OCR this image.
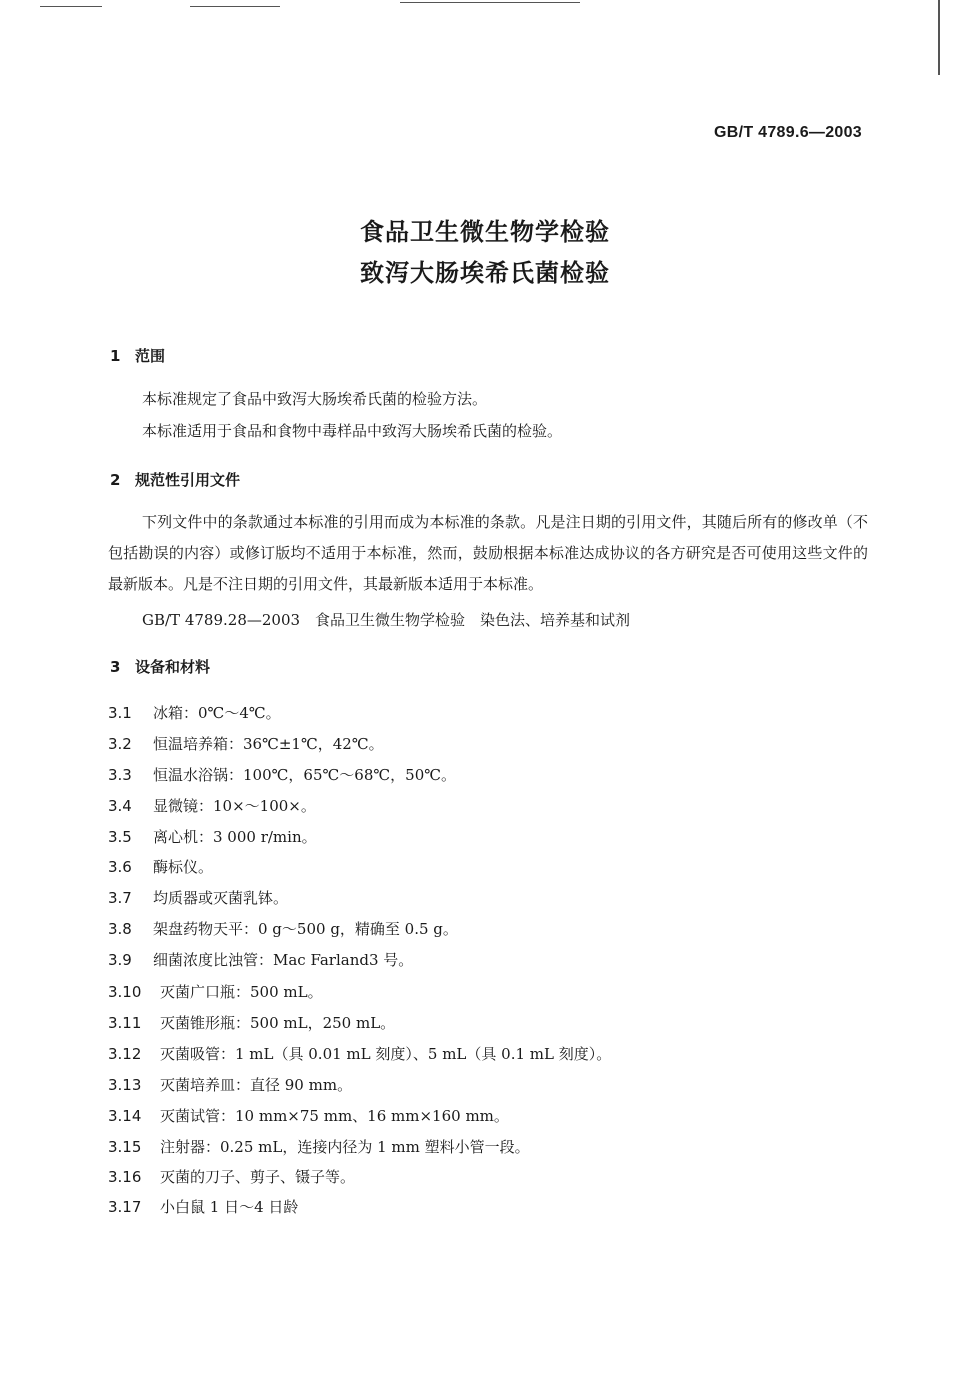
GB/T 4789.6—2003
食品卫生微生物学检验
致泻大肠埃希氏菌检验
1 范围
本标准规定了食品中致泻大肠埃希氏菌的检验方法。
本标准适用于食品和食物中毒样品中致泻大肠埃希氏菌的检验。
2 规范性引用文件
下列文件中的条款通过本标准的引用而成为本标准的条款。凡是注日期的引用文件，其随后所有的修改单（不包括勘误的内容）或修订版均不适用于本标准，然而，鼓励根据本标准达成协议的各方研究是否可使用这些文件的最新版本。凡是不注日期的引用文件，其最新版本适用于本标准。
GB/T 4789.28—2003　食品卫生微生物学检验　染色法、培养基和试剂
3 设备和材料
3.1 冰箱：0℃～4℃。
3.2 恒温培养箱：36℃±1℃，42℃。
3.3 恒温水浴锅：100℃，65℃～68℃，50℃。
3.4 显微镜：10×～100×。
3.5 离心机：3 000 r/min。
3.6 酶标仪。
3.7 均质器或灭菌乳钵。
3.8 架盘药物天平：0 g～500 g，精确至 0.5 g。
3.9 细菌浓度比浊管：Mac Farland3 号。
3.10 灭菌广口瓶：500 mL。
3.11 灭菌锥形瓶：500 mL，250 mL。
3.12 灭菌吸管：1 mL（具 0.01 mL 刻度）、5 mL（具 0.1 mL 刻度）。
3.13 灭菌培养皿：直径 90 mm。
3.14 灭菌试管：10 mm×75 mm、16 mm×160 mm。
3.15 注射器：0.25 mL，连接内径为 1 mm 塑料小管一段。
3.16 灭菌的刀子、剪子、镊子等。
3.17 小白鼠 1 日～4 日龄
